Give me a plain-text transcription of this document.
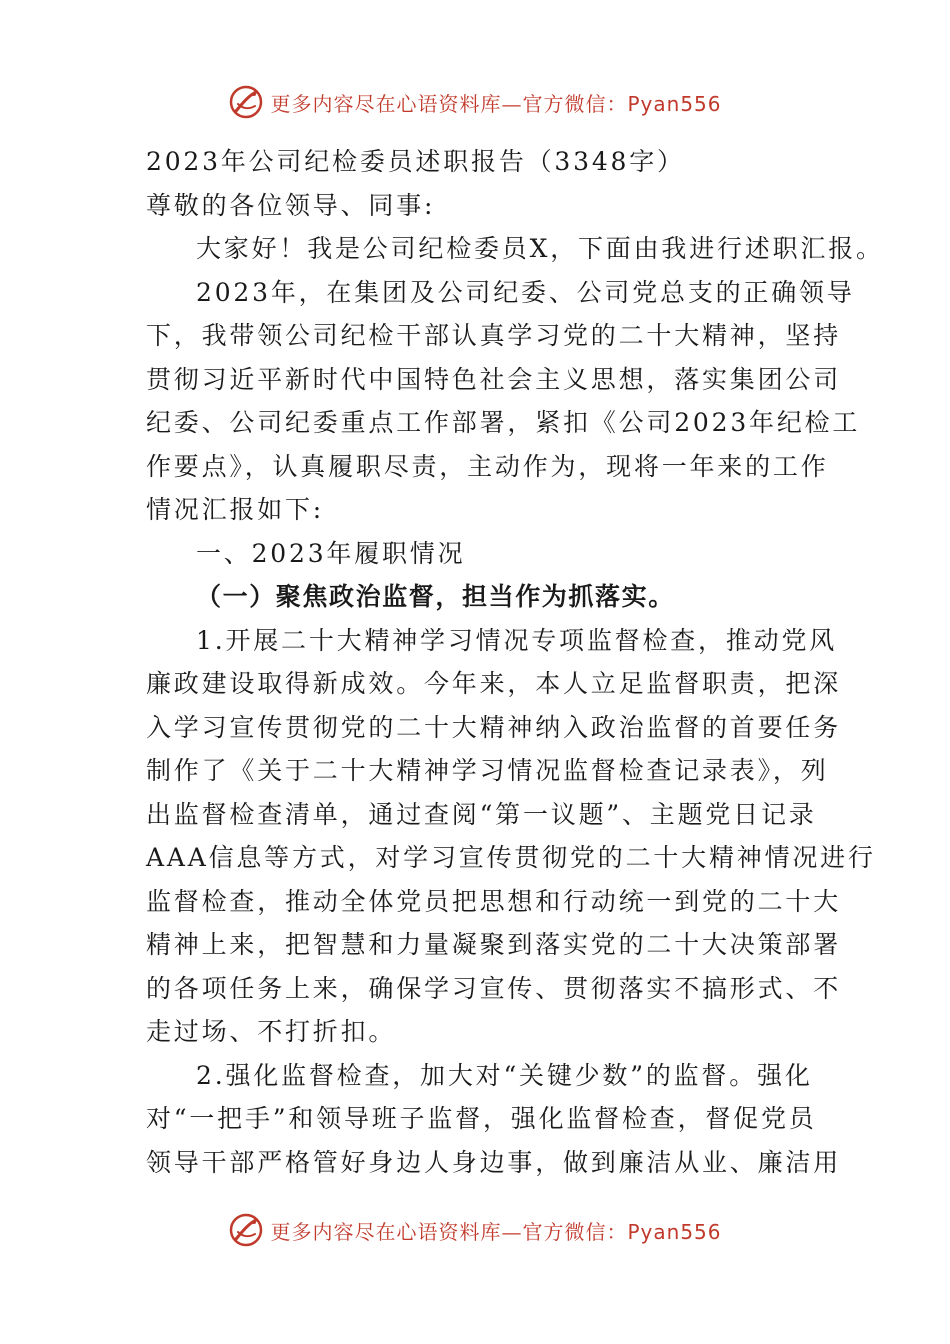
更多内容尽在心语资料库—官方微信：Pyan556
2023年公司纪检委员述职报告（3348字）
尊敬的各位领导、同事:
大家好！我是公司纪检委员X，下面由我进行述职汇报。
2023年，在集团及公司纪委、公司党总支的正确领导
下，我带领公司纪检干部认真学习党的二十大精神，坚持
贯彻习近平新时代中国特色社会主义思想，落实集团公司
纪委、公司纪委重点工作部署，紧扣《公司2023年纪检工
作要点》，认真履职尽责，主动作为，现将一年来的工作
情况汇报如下:
一、2023年履职情况
（一）聚焦政治监督，担当作为抓落实。
1.开展二十大精神学习情况专项监督检查，推动党风
廉政建设取得新成效。今年来，本人立足监督职责，把深
入学习宣传贯彻党的二十大精神纳入政治监督的首要任务
制作了《关于二十大精神学习情况监督检查记录表》，列
出监督检查清单，通过查阅“第一议题”、主题党日记录
AAA信息等方式，对学习宣传贯彻党的二十大精神情况进行
监督检查，推动全体党员把思想和行动统一到党的二十大
精神上来，把智慧和力量凝聚到落实党的二十大决策部署
的各项任务上来，确保学习宣传、贯彻落实不搞形式、不
走过场、不打折扣。
2.强化监督检查，加大对“关键少数”的监督。强化
对“一把手”和领导班子监督，强化监督检查，督促党员
领导干部严格管好身边人身边事，做到廉洁从业、廉洁用
更多内容尽在心语资料库—官方微信：Pyan556
